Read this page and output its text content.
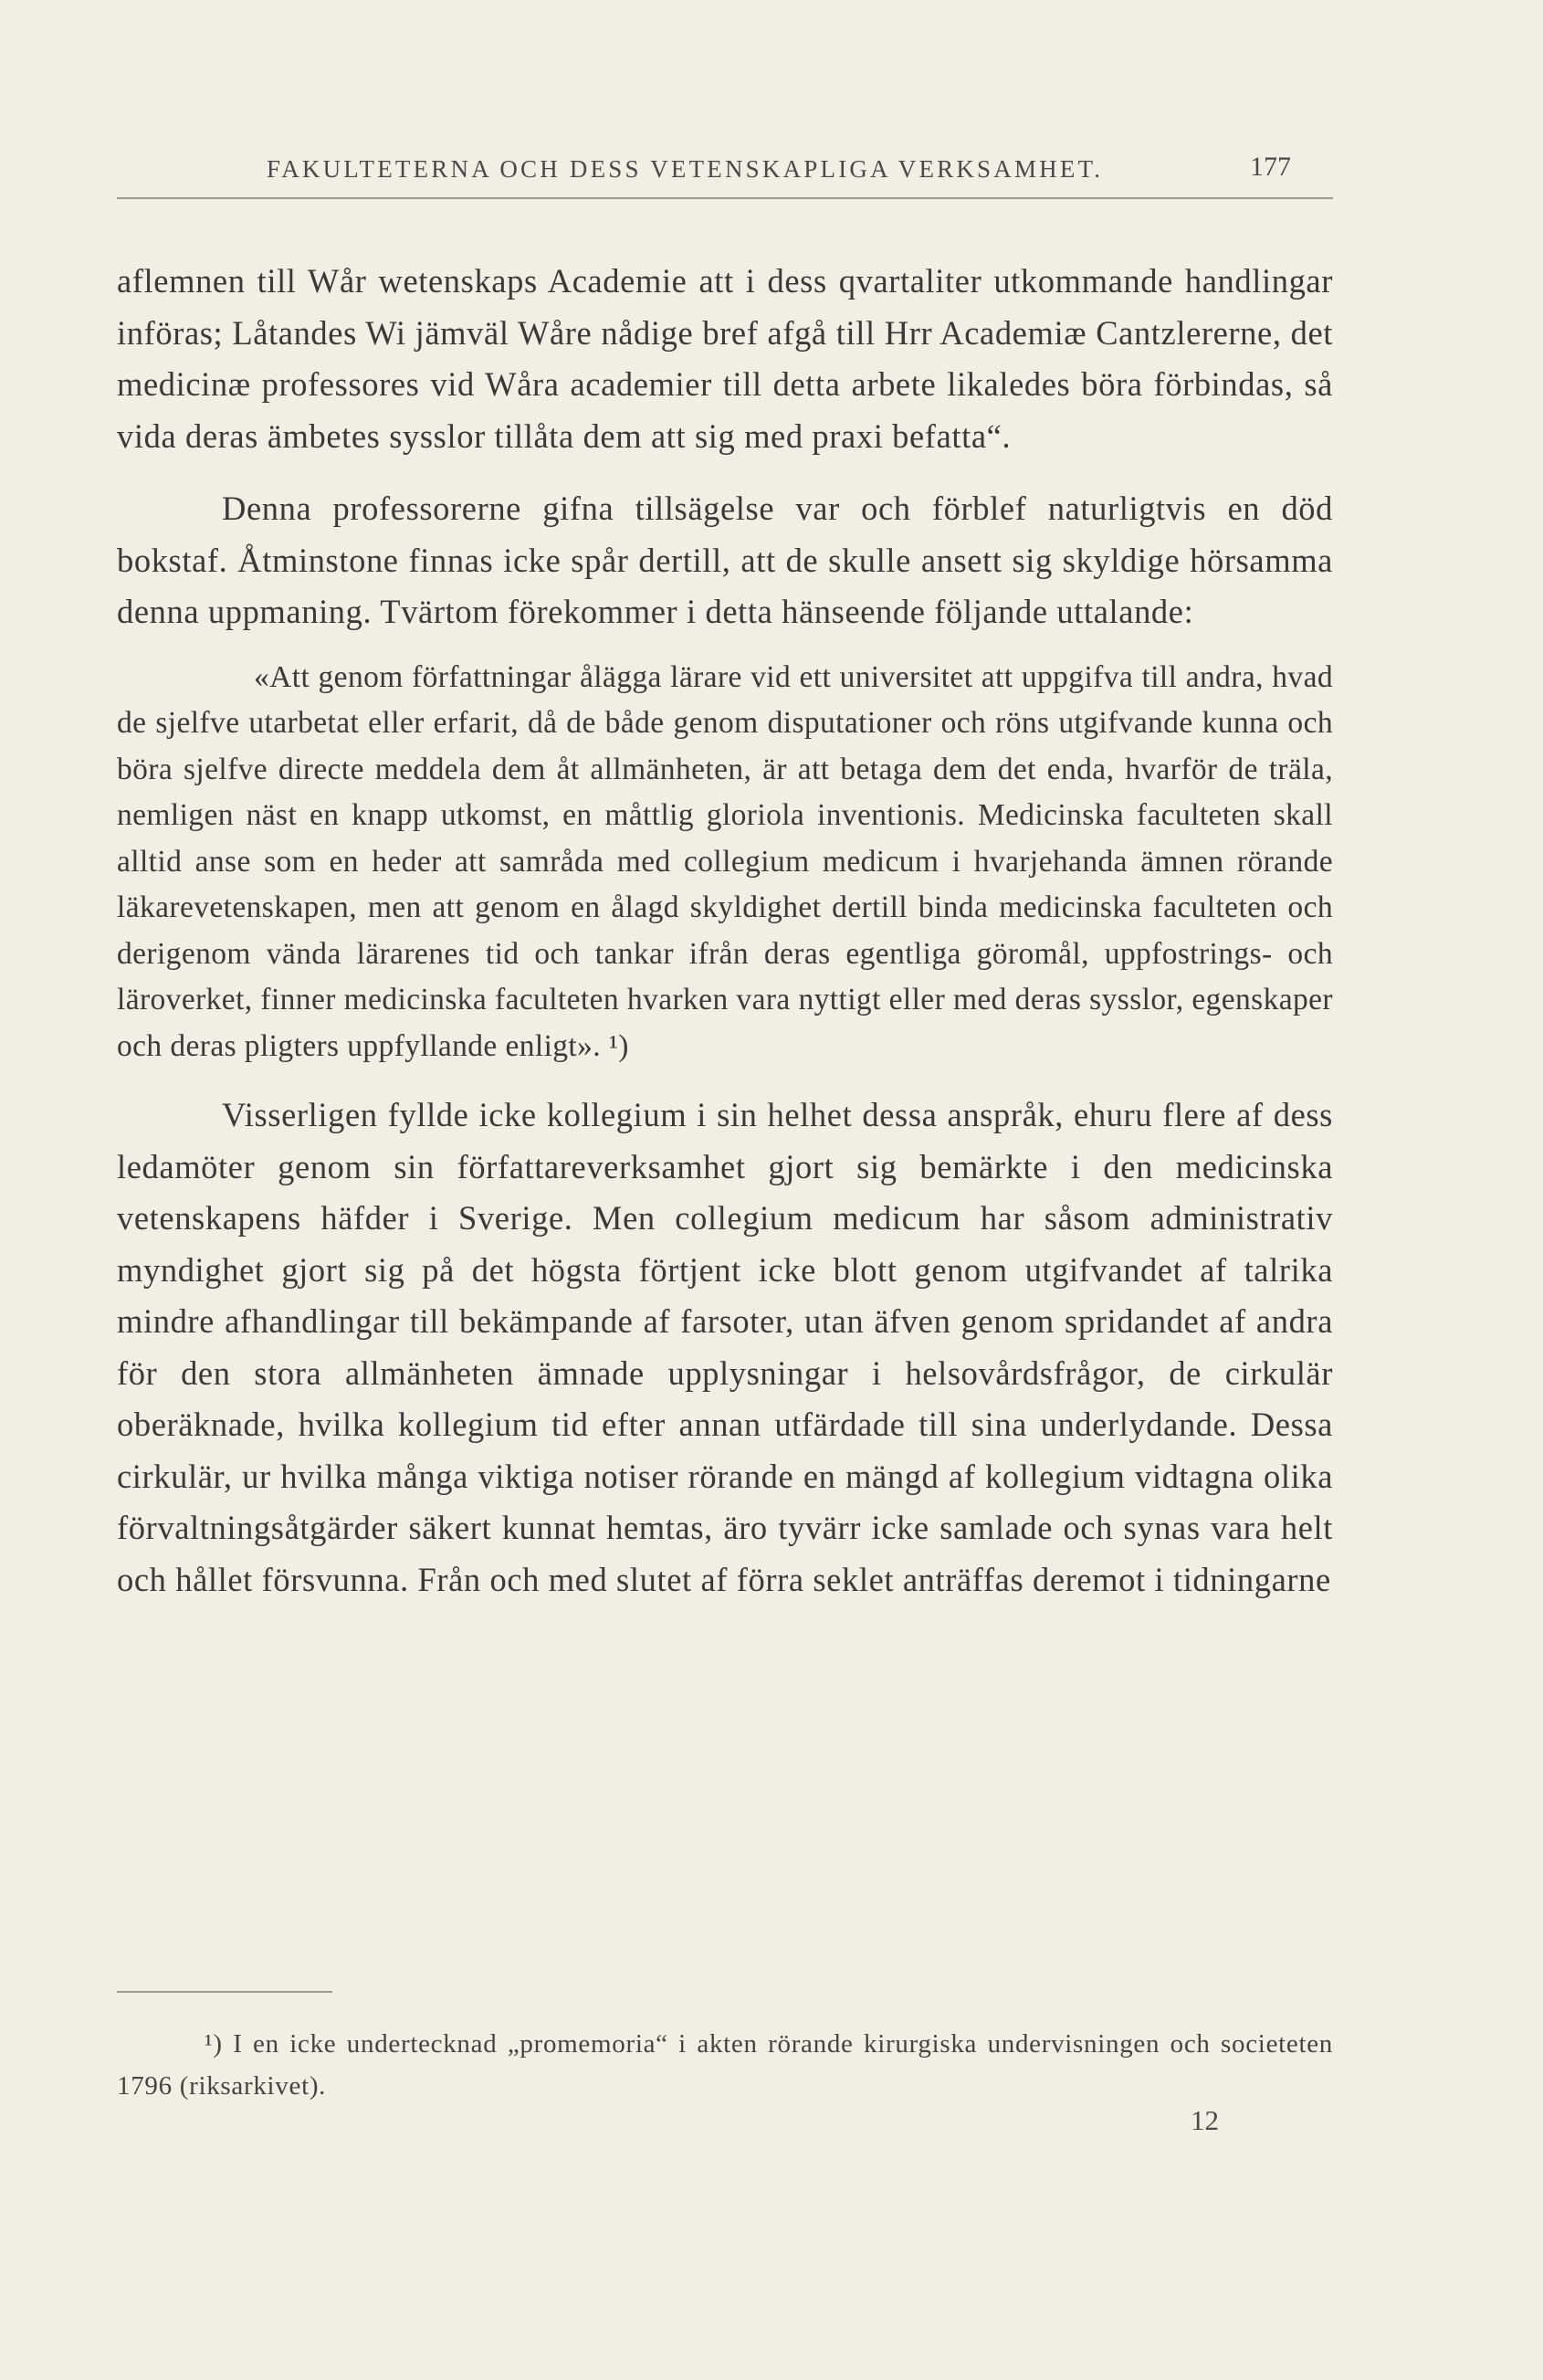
FAKULTETERNA OCH DESS VETENSKAPLIGA VERKSAMHET.	177

aflemnen till Wår wetenskaps Academie att i dess qvartaliter utkommande handlingar införas; Låtandes Wi jämväl Wåre nådige bref afgå till Hrr Academiæ Cantzlererne, det medicinæ professores vid Wåra academier till detta arbete likaledes böra förbindas, så vida deras ämbetes sysslor tillåta dem att sig med praxi befatta“.

Denna professorerne gifna tillsägelse var och förblef naturligtvis en död bokstaf. Åtminstone finnas icke spår dertill, att de skulle ansett sig skyldige hörsamma denna uppmaning. Tvärtom förekommer i detta hänseende följande uttalande:

«Att genom författningar ålägga lärare vid ett universitet att uppgifva till andra, hvad de sjelfve utarbetat eller erfarit, då de både genom disputationer och röns utgifvande kunna och böra sjelfve directe meddela dem åt allmänheten, är att betaga dem det enda, hvarför de träla, nemligen näst en knapp utkomst, en måttlig gloriola inventionis. Medicinska faculteten skall alltid anse som en heder att samråda med collegium medicum i hvarjehanda ämnen rörande läkarevetenskapen, men att genom en ålagd skyldighet dertill binda medicinska faculteten och derigenom vända lärarenes tid och tankar ifrån deras egentliga göromål, uppfostrings- och läroverket, finner medicinska faculteten hvarken vara nyttigt eller med deras sysslor, egenskaper och deras pligters uppfyllande enligt». ¹)

Visserligen fyllde icke kollegium i sin helhet dessa anspråk, ehuru flere af dess ledamöter genom sin författareverksamhet gjort sig bemärkte i den medicinska vetenskapens häfder i Sverige. Men collegium medicum har såsom administrativ myndighet gjort sig på det högsta förtjent icke blott genom utgifvandet af talrika mindre afhandlingar till bekämpande af farsoter, utan äfven genom spridandet af andra för den stora allmänheten ämnade upplysningar i helsovårdsfrågor, de cirkulär oberäknade, hvilka kollegium tid efter annan utfärdade till sina underlydande. Dessa cirkulär, ur hvilka många viktiga notiser rörande en mängd af kollegium vidtagna olika förvaltningsåtgärder säkert kunnat hemtas, äro tyvärr icke samlade och synas vara helt och hållet försvunna. Från och med slutet af förra seklet anträffas deremot i tidningarne

¹) I en icke undertecknad „promemoria“ i akten rörande kirurgiska undervisningen och societeten 1796 (riksarkivet).

12
